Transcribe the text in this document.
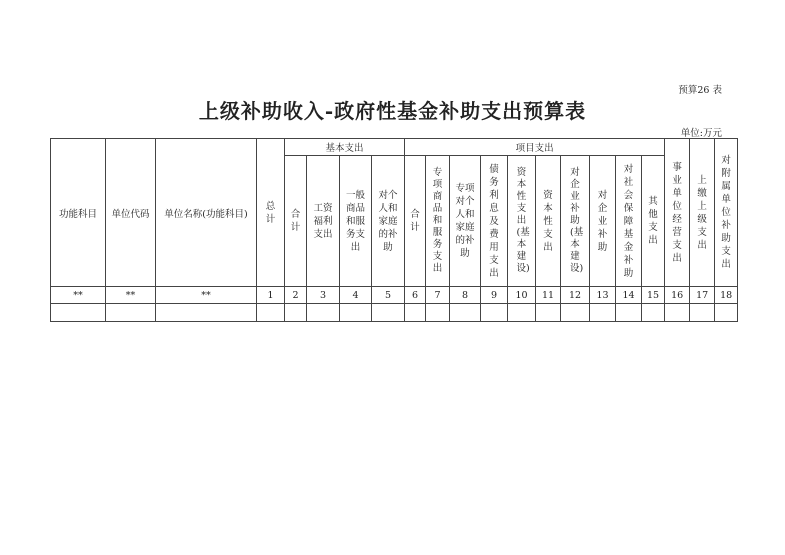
预算26 表
上级补助收入-政府性基金补助支出预算表
单位:万元
功能科目	单位代码	单位名称(功能科目)	总计	基本支出				项目支出										事业单位经营支出	上缴上级支出	对附属单位补助支出

				合计	工资福利支出	一般商品和服务支出	对个人和家庭的补助	合计	专项商品和服务支出	专项对个人和家庭的补助	债务利息及费用支出	资本性支出(基本建设)	资本性支出	对企业补助(基本建设)	对企业补助	对社会保障基金补助	其他支出			

**	**	**	1	2	3	4	5	6	7	8	9	10	11	12	13	14	15	16	17	18
